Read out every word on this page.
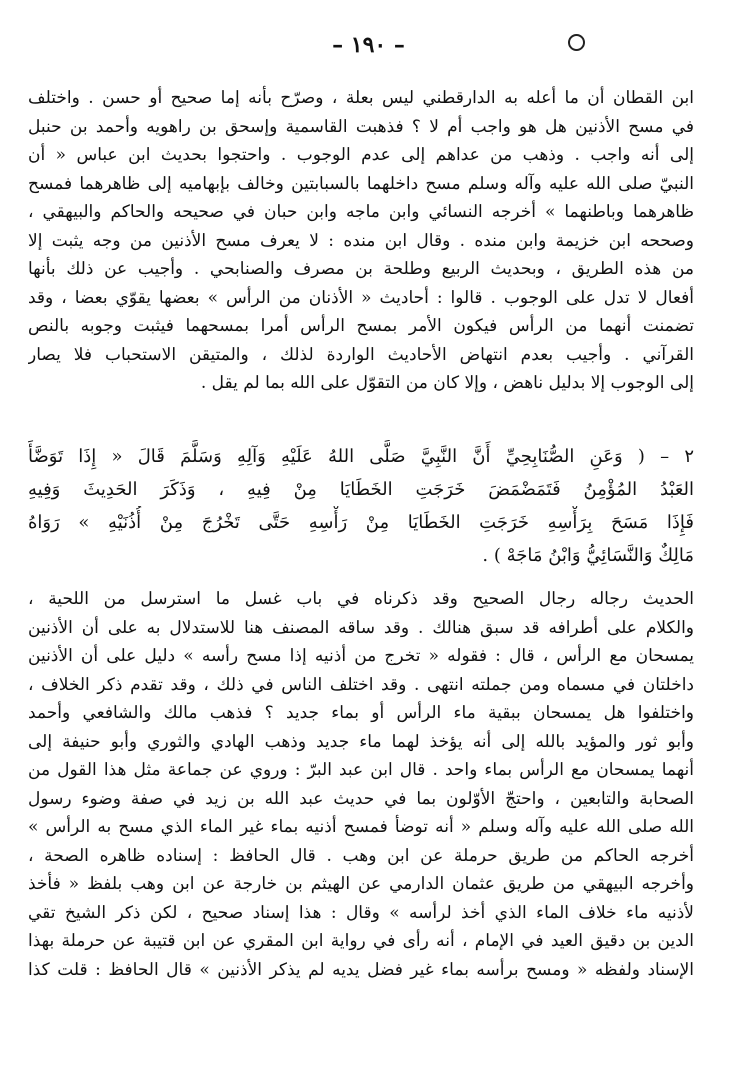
– ١٩٠ –
ابن القطان أن ما أعله به الدارقطني ليس بعلة ، وصرّح بأنه إما صحيح أو حسن . واختلف
في مسح الأذنين هل هو واجب أم لا ؟ فذهبت القاسمية وإسحق بن راهويه وأحمد بن حنبل
إلى أنه واجب . وذهب من عداهم إلى عدم الوجوب . واحتجوا بحديث ابن عباس « أن
النبيّ صلى الله عليه وآله وسلم مسح داخلهما بالسبابتين وخالف بإبهاميه إلى ظاهرهما فمسح
ظاهرهما وباطنهما » أخرجه النسائي وابن ماجه وابن حبان في صحيحه والحاكم والبيهقي ،
وصححه ابن خزيمة وابن منده . وقال ابن منده : لا يعرف مسح الأذنين من وجه يثبت إلا
من هذه الطريق ، وبحديث الربيع وطلحة بن مصرف والصنابحي . وأجيب عن ذلك بأنها
أفعال لا تدل على الوجوب . قالوا : أحاديث « الأذنان من الرأس » بعضها يقوّي بعضا ، وقد
تضمنت أنهما من الرأس فيكون الأمر بمسح الرأس أمرا بمسحهما فيثبت وجوبه بالنص
القرآني . وأجيب بعدم انتهاض الأحاديث الواردة لذلك ، والمتيقن الاستحباب فلا يصار
إلى الوجوب إلا بدليل ناهض ، وإلا كان من التقوّل على الله بما لم يقل .
٢ – ( وَعَنِ الصُّنَابِحِيِّ أَنَّ النَّبِيَّ صَلَّى اللهُ عَلَيْهِ وَآلِهِ وَسَلَّمَ قَالَ « إِذَا تَوَضَّأَ
العَبْدُ المُؤْمِنُ فَتَمَضْمَضَ خَرَجَتِ الخَطَايَا مِنْ فِيهِ ، وَذَكَرَ الحَدِيثَ وَفِيهِ
فَإِذَا مَسَحَ بِرَأْسِهِ خَرَجَتِ الخَطَايَا مِنْ رَأْسِهِ حَتَّى تَخْرُجَ مِنْ أُذُنَيْهِ » رَوَاهُ
مَالِكٌ وَالنَّسَائِيُّ وَابْنُ مَاجَهْ ) .
الحديث رجاله رجال الصحيح وقد ذكرناه في باب غسل ما استرسل من اللحية ،
والكلام على أطرافه قد سبق هنالك . وقد ساقه المصنف هنا للاستدلال به على أن الأذنين
يمسحان مع الرأس ، قال : فقوله « تخرج من أذنيه إذا مسح رأسه » دليل على أن الأذنين
داخلتان في مسماه ومن جملته انتهى . وقد اختلف الناس في ذلك ، وقد تقدم ذكر الخلاف ،
واختلفوا هل يمسحان ببقية ماء الرأس أو بماء جديد ؟ فذهب مالك والشافعي وأحمد
وأبو ثور والمؤيد بالله إلى أنه يؤخذ لهما ماء جديد وذهب الهادي والثوري وأبو حنيفة إلى
أنهما يمسحان مع الرأس بماء واحد . قال ابن عبد البرّ : وروي عن جماعة مثل هذا القول من
الصحابة والتابعين ، واحتجّ الأوّلون بما في حديث عبد الله بن زيد في صفة وضوء رسول
الله صلى الله عليه وآله وسلم « أنه توضأ فمسح أذنيه بماء غير الماء الذي مسح به الرأس »
أخرجه الحاكم من طريق حرملة عن ابن وهب . قال الحافظ : إسناده ظاهره الصحة ،
وأخرجه البيهقي من طريق عثمان الدارمي عن الهيثم بن خارجة عن ابن وهب بلفظ « فأخذ
لأذنيه ماء خلاف الماء الذي أخذ لرأسه » وقال : هذا إسناد صحيح ، لكن ذكر الشيخ تقي
الدين بن دقيق العيد في الإمام ، أنه رأى في رواية ابن المقري عن ابن قتيبة عن حرملة بهذا
الإسناد ولفظه « ومسح برأسه بماء غير فضل يديه لم يذكر الأذنين » قال الحافظ : قلت كذا
